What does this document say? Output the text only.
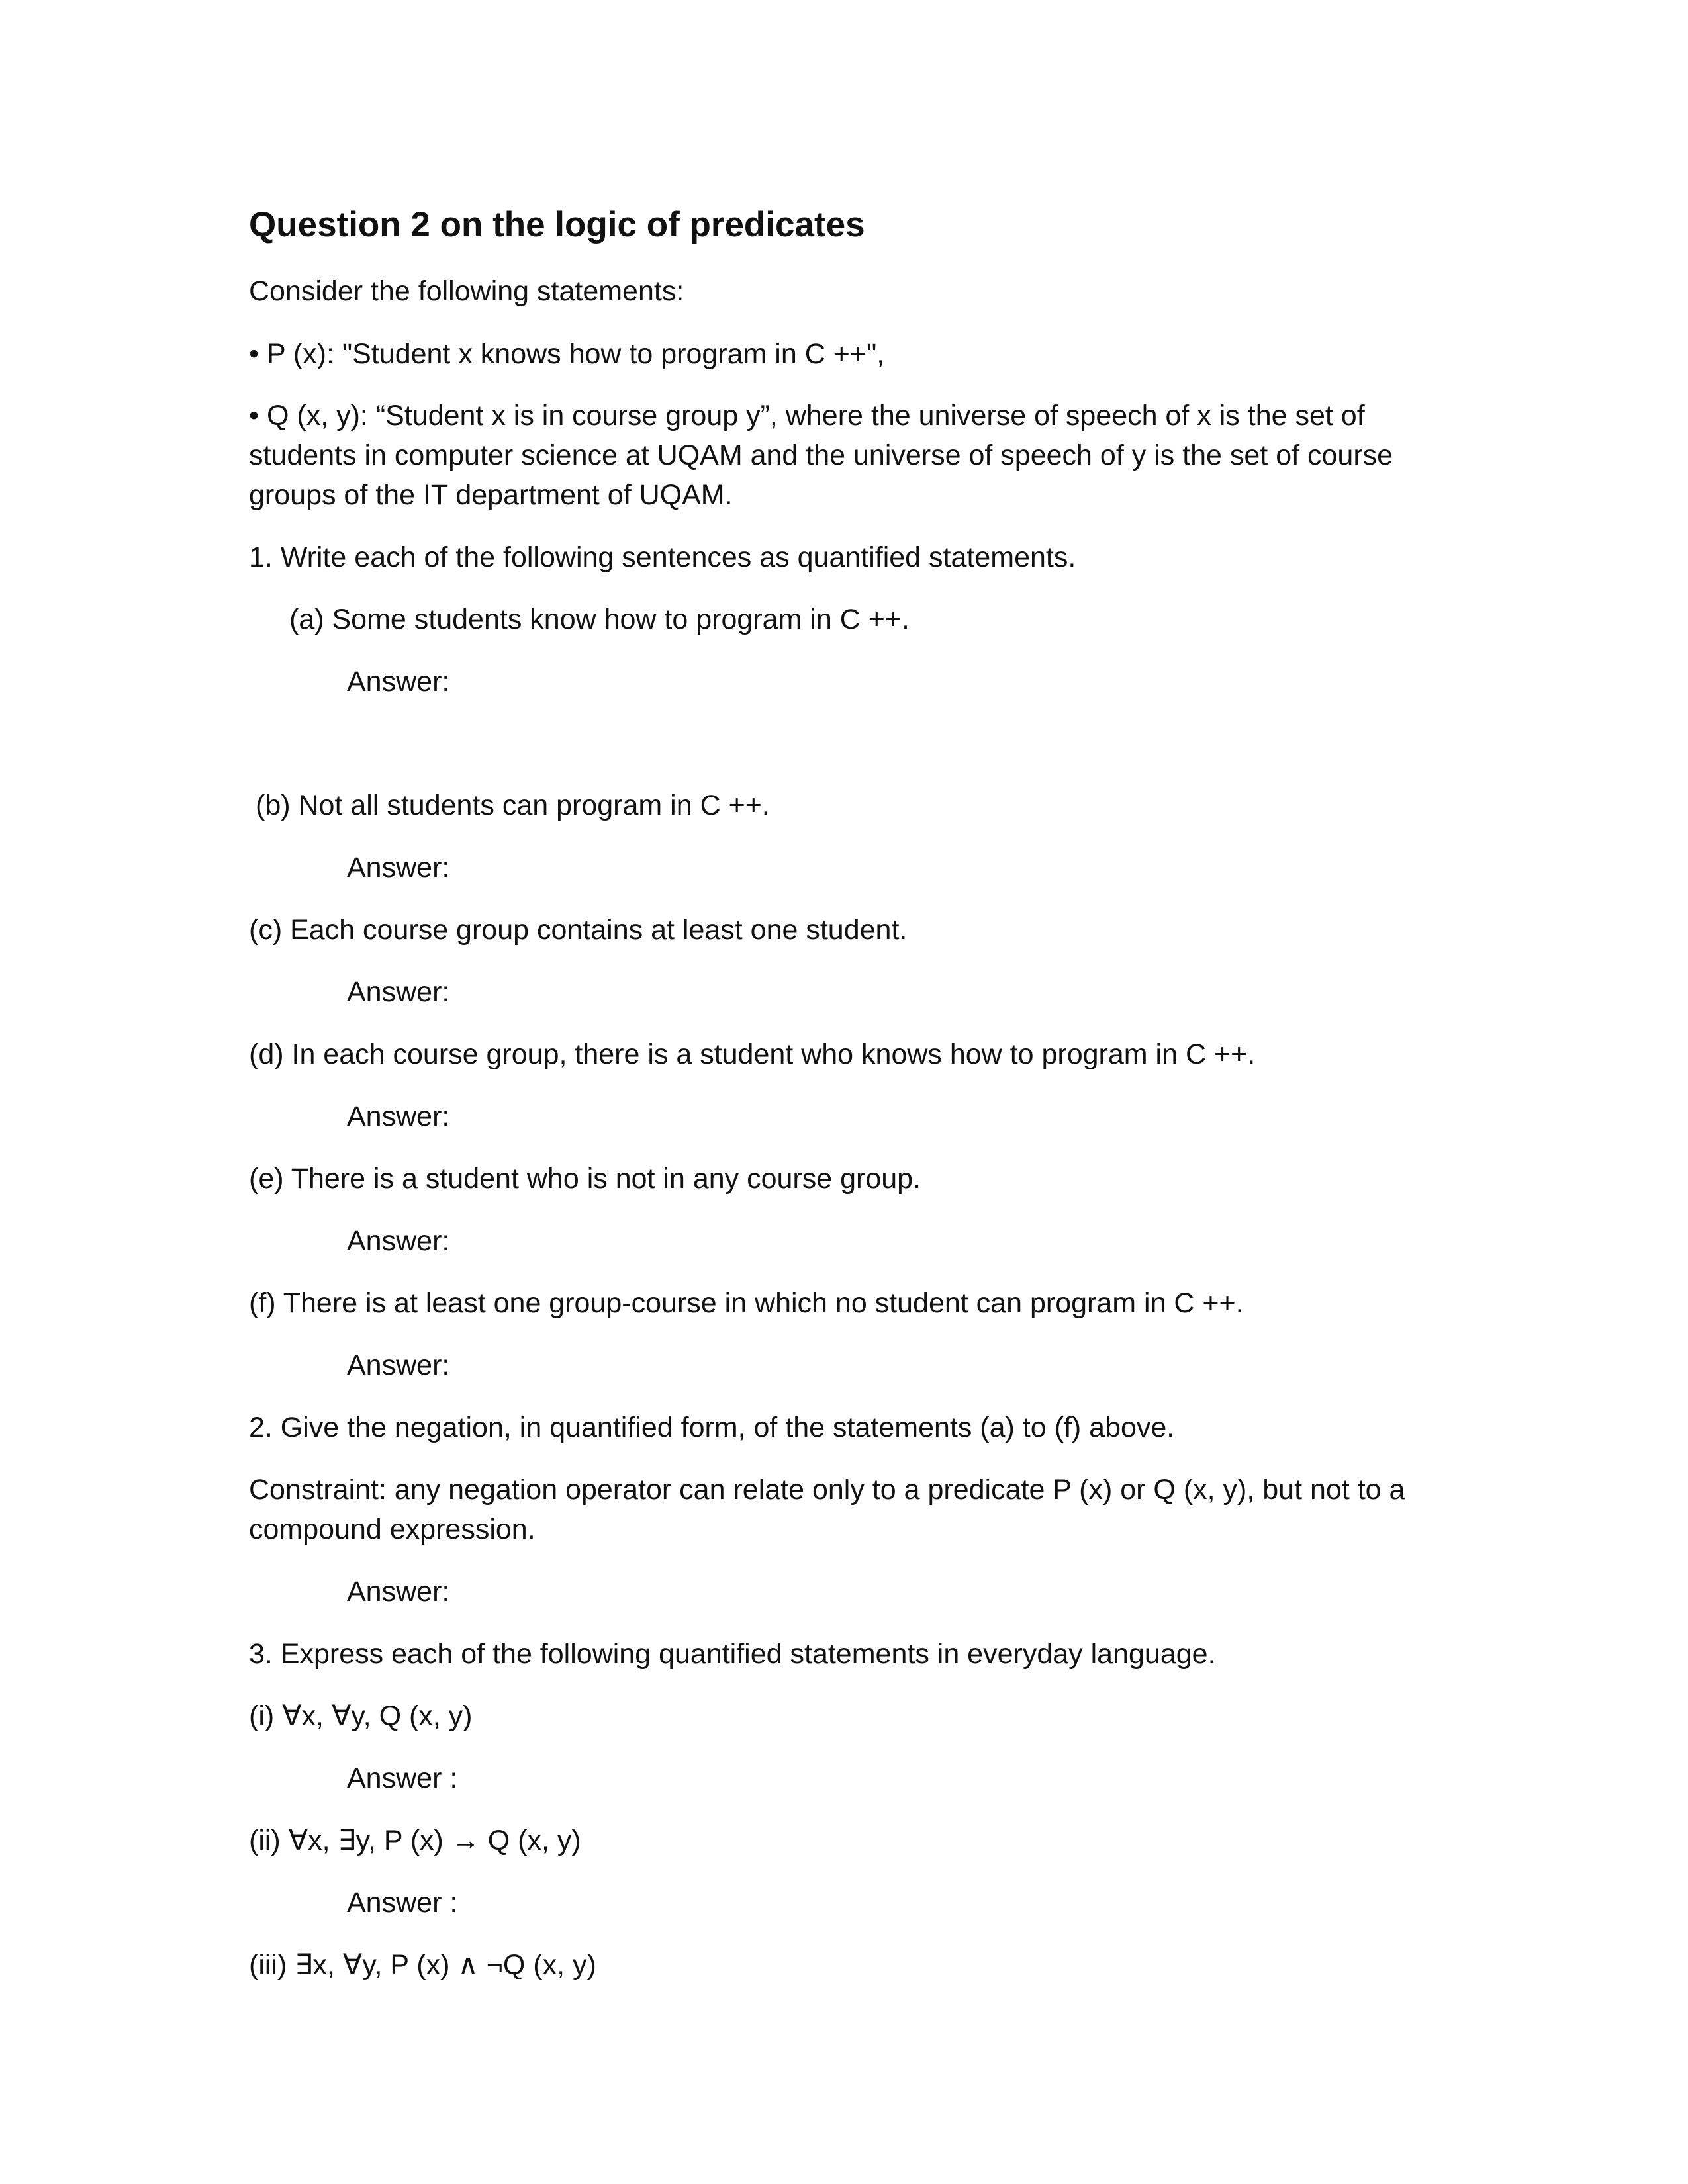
Question 2 on the logic of predicates
Consider the following statements:
• P (x): "Student x knows how to program in C ++",
• Q (x, y): “Student x is in course group y”, where the universe of speech of x is the set of
students in computer science at UQAM and the universe of speech of y is the set of course
groups of the IT department of UQAM.
1. Write each of the following sentences as quantified statements.
(a) Some students know how to program in C ++.
Answer:
(b) Not all students can program in C ++.
Answer:
(c) Each course group contains at least one student.
Answer:
(d) In each course group, there is a student who knows how to program in C ++.
Answer:
(e) There is a student who is not in any course group.
Answer:
(f) There is at least one group-course in which no student can program in C ++.
Answer:
2. Give the negation, in quantified form, of the statements (a) to (f) above.
Constraint: any negation operator can relate only to a predicate P (x) or Q (x, y), but not to a
compound expression.
Answer:
3. Express each of the following quantified statements in everyday language.
(i) ∀x, ∀y, Q (x, y)
Answer :
(ii) ∀x, ∃y, P (x) → Q (x, y)
Answer :
(iii) ∃x, ∀y, P (x) ∧ ¬Q (x, y)
